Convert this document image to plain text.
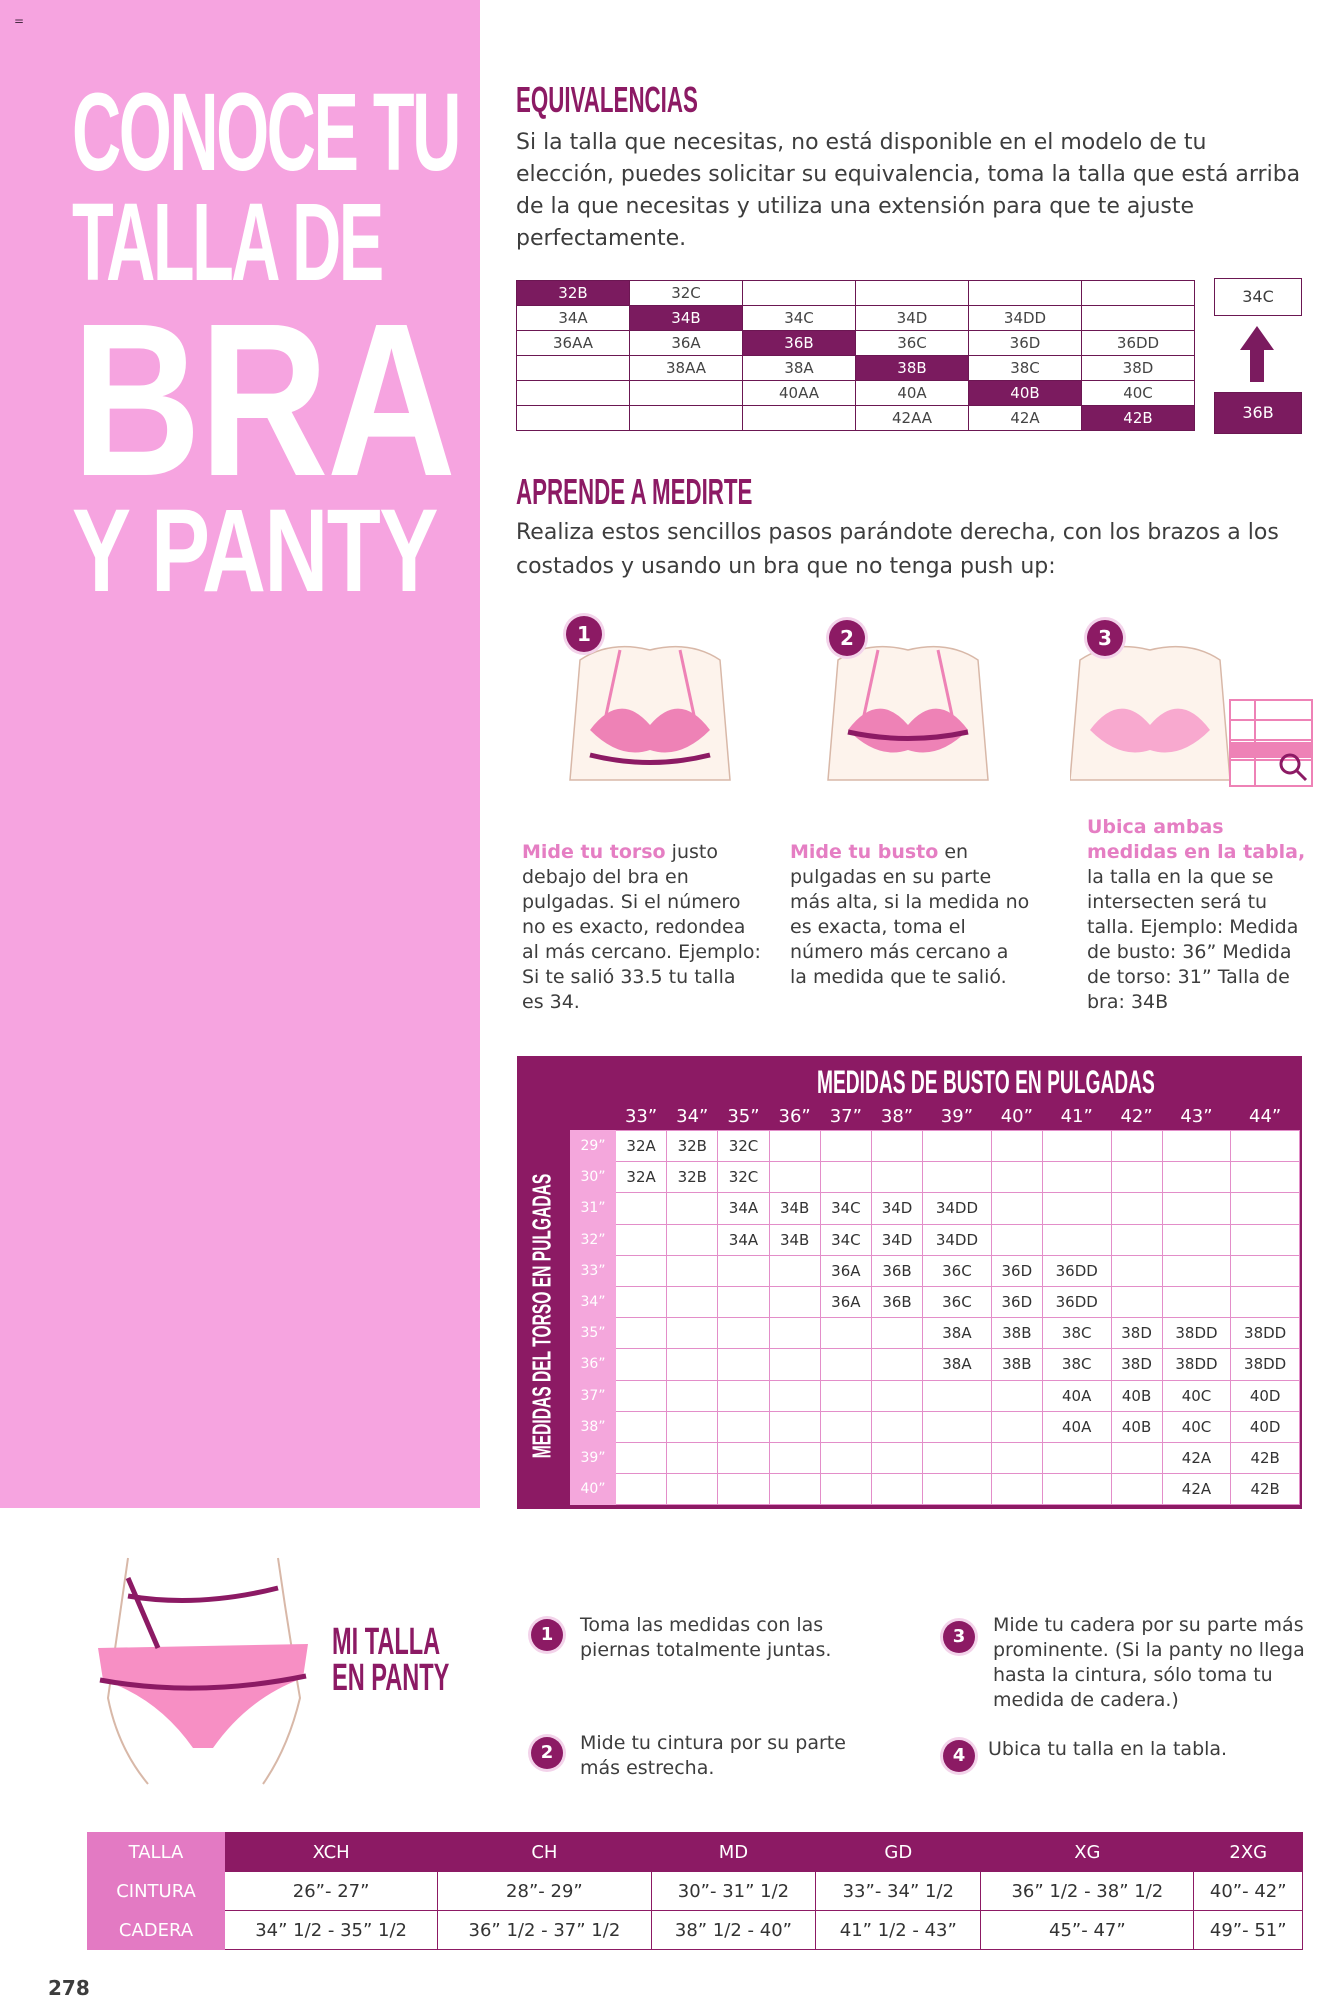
=
CONOCE TU
TALLA DE
BRA
Y PANTY
EQUIVALENCIAS
Si la talla que necesitas, no está disponible en el modelo de tu elección, puedes solicitar su equivalencia, toma la talla que está arriba de la que necesitas y utiliza una extensión para que te ajuste perfectamente.
32B	32C				
34A	34B	34C	34D	34DD	
36AA	36A	36B	36C	36D	36DD
	38AA	38A	38B	38C	38D
		40AA	40A	40B	40C
			42AA	42A	42B
34C
36B
APRENDE A MEDIRTE
Realiza estos sencillos pasos parándote derecha, con los brazos a los costados y usando un bra que no tenga push up:
1	2	3
Mide tu torso justo debajo del bra en pulgadas. Si el número no es exacto, redondea al más cercano. Ejemplo: Si te salió 33.5 tu talla es 34.
Mide tu busto en pulgadas en su parte más alta, si la medida no es exacta, toma el número más cercano a la medida que te salió.
Ubica ambas medidas en la tabla, la talla en la que se intersecten será tu talla. Ejemplo: Medida de busto: 36” Medida de torso: 31” Talla de bra: 34B
MEDIDAS DE BUSTO EN PULGADAS
MEDIDAS DEL TORSO EN PULGADAS
	33”	34”	35”	36”	37”	38”	39”	40”	41”	42”	43”	44”
29”	32A	32B	32C									
30”	32A	32B	32C									
31”			34A	34B	34C	34D	34DD					
32”			34A	34B	34C	34D	34DD					
33”					36A	36B	36C	36D	36DD			
34”					36A	36B	36C	36D	36DD			
35”							38A	38B	38C	38D	38DD	38DD
36”							38A	38B	38C	38D	38DD	38DD
37”									40A	40B	40C	40D
38”									40A	40B	40C	40D
39”											42A	42B
40”											42A	42B
MI TALLA
EN PANTY
1	Toma las medidas con las piernas totalmente juntas.
2	Mide tu cintura por su parte más estrecha.
3
Mide tu cadera por su parte más prominente. (Si la panty no llega hasta la cintura, sólo toma tu medida de cadera.)
4	Ubica tu talla en la tabla.
TALLA	XCH	CH	MD	GD	XG	2XG
CINTURA	26”- 27”	28”- 29”	30”- 31” 1/2	33”- 34” 1/2	36” 1/2 - 38” 1/2	40”- 42”
CADERA	34” 1/2 - 35” 1/2	36” 1/2 - 37” 1/2	38” 1/2 - 40”	41” 1/2 - 43”	45”- 47”	49”- 51”
278
